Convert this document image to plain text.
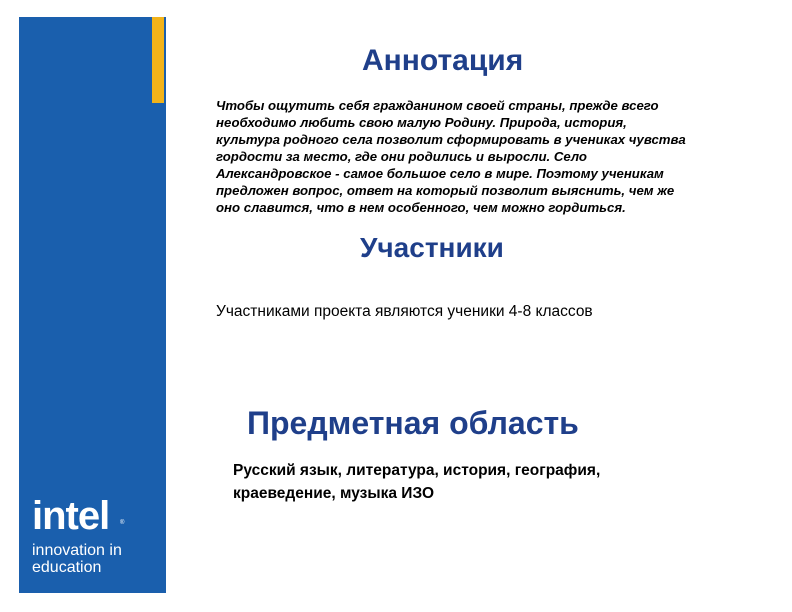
intel	®
innovation in
education
Аннотация
Чтобы ощутить себя гражданином своей страны, прежде всего необходимо любить свою малую Родину. Природа, история, культура родного села позволит сформировать в учениках чувства гордости за место, где они родились и выросли. Село Александровское - самое большое село в мире. Поэтому ученикам предложен вопрос, ответ на который позволит выяснить, чем же оно славится, что в нем особенного, чем можно гордиться.
Участники
Участниками проекта являются ученики 4-8 классов
Предметная область
Русский язык, литература, история, география, краеведение, музыка ИЗО
